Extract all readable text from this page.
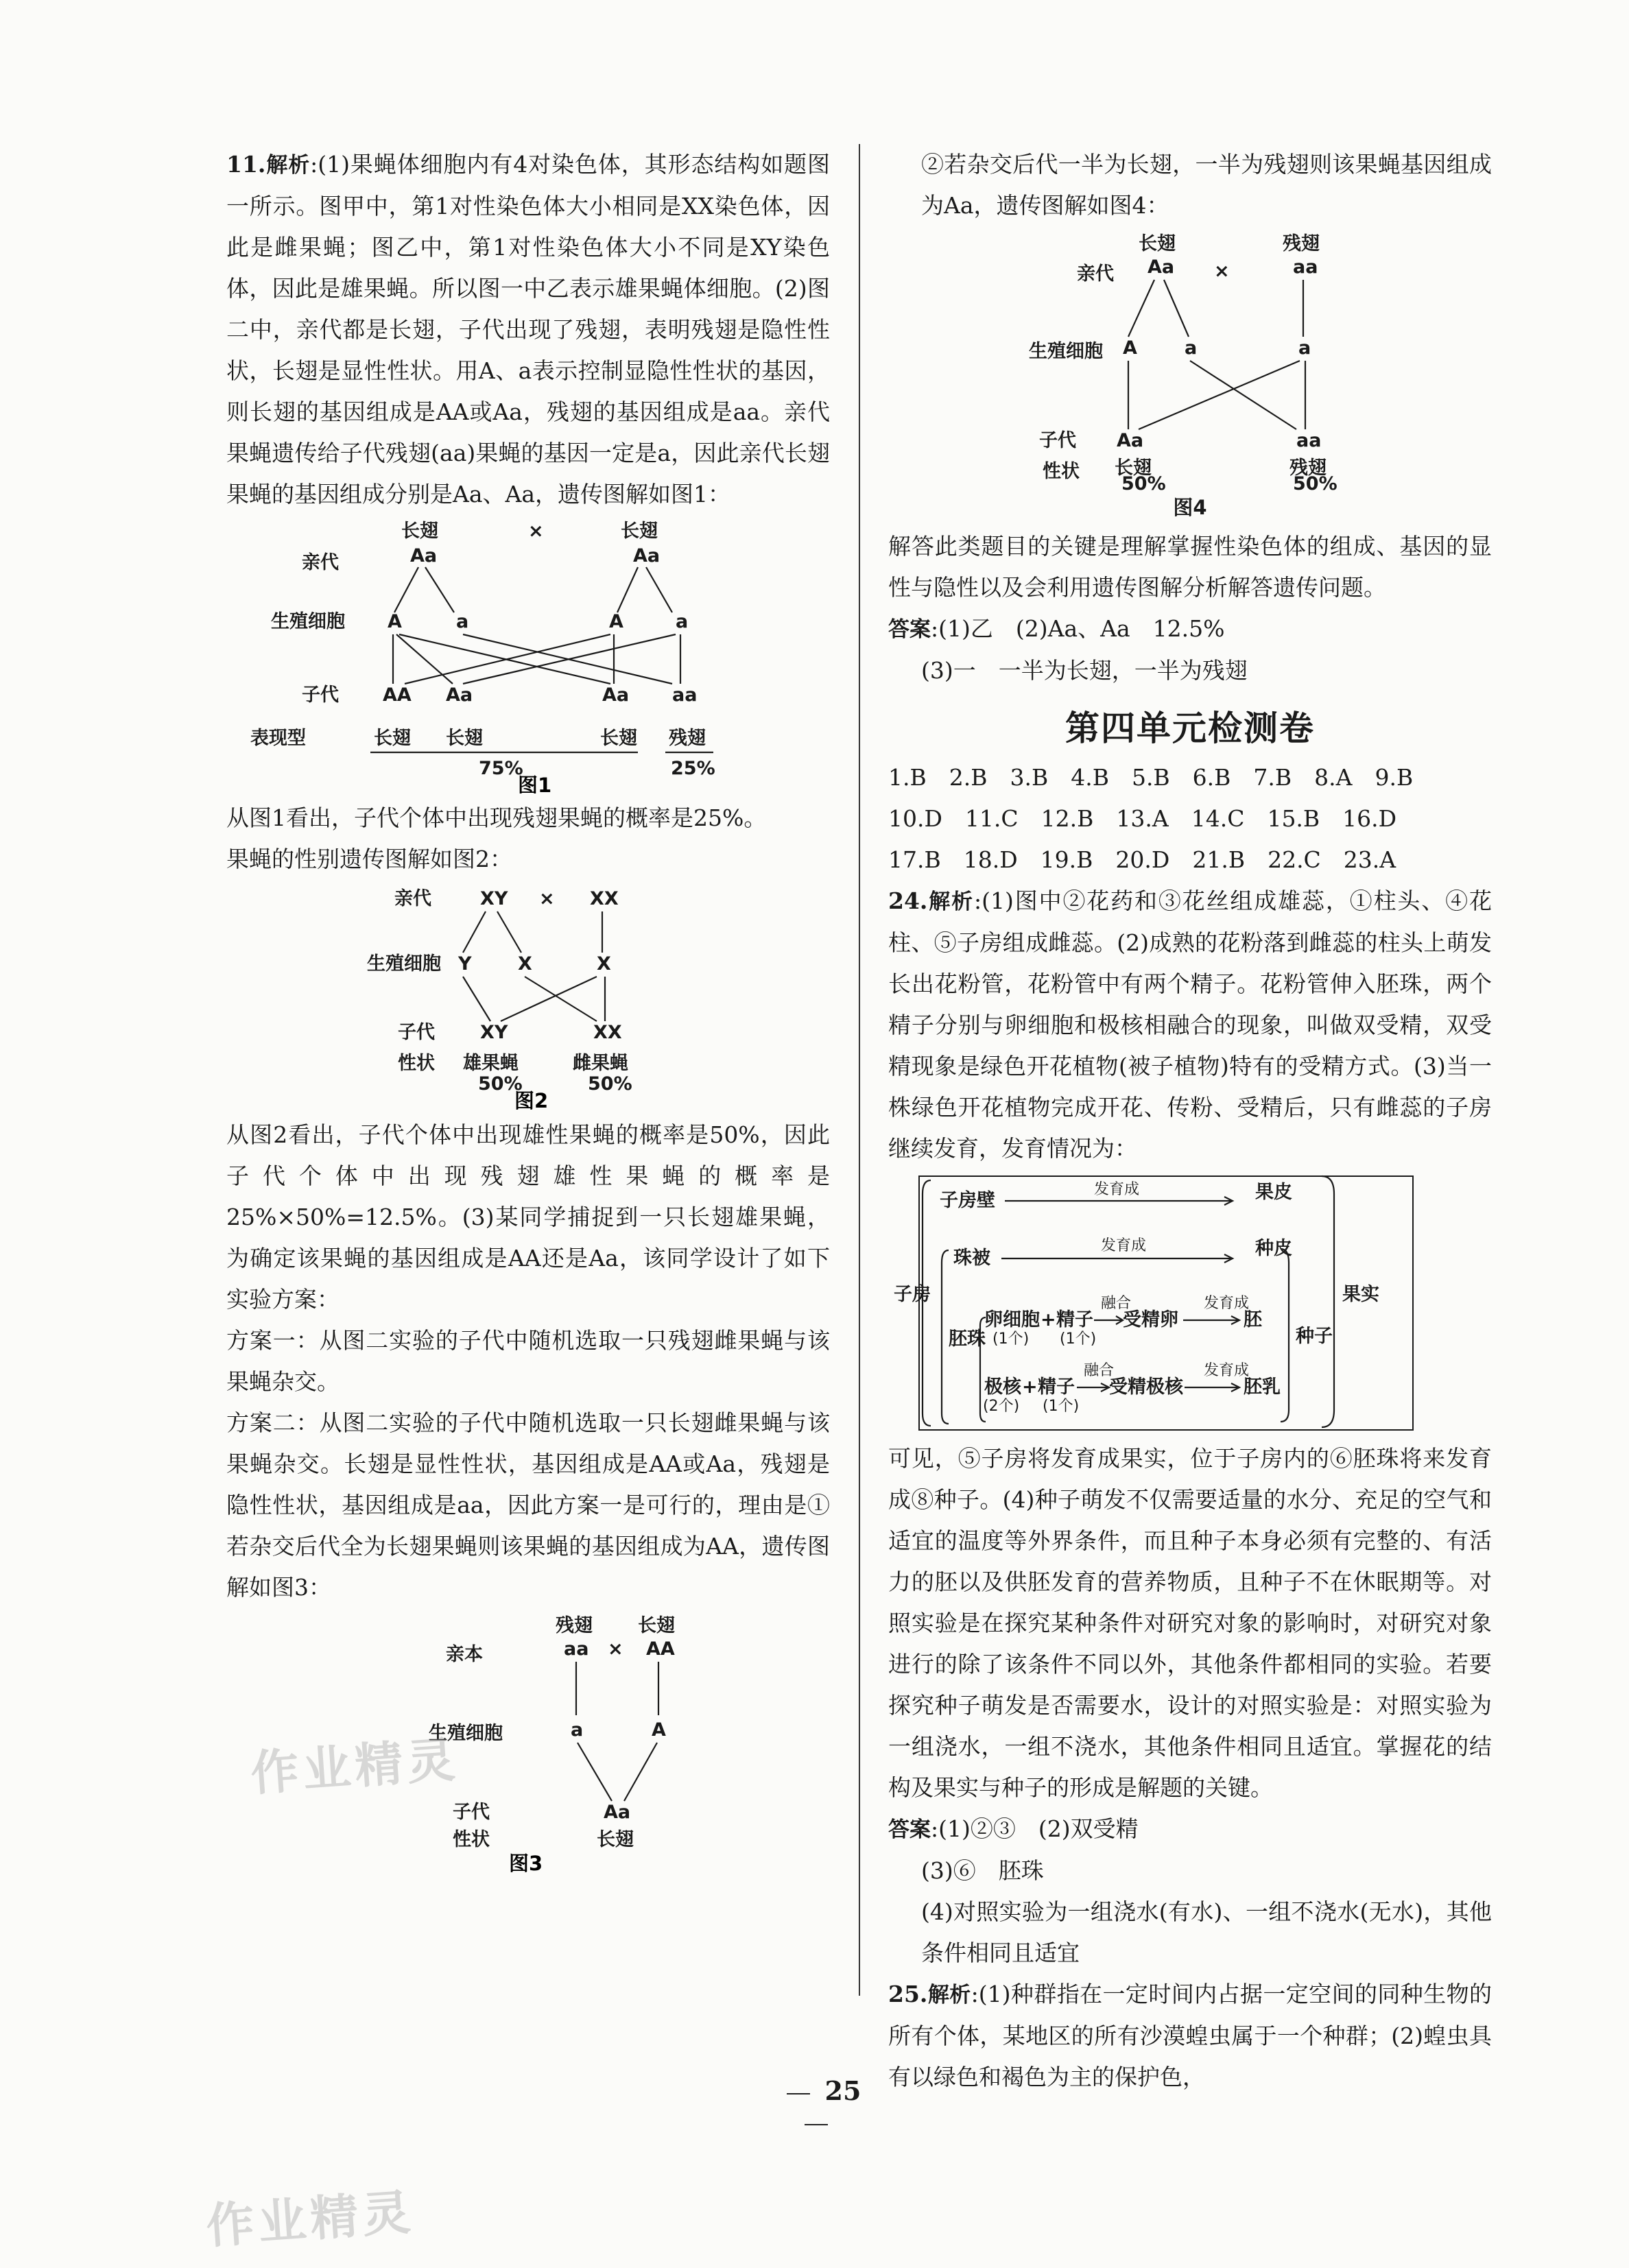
11.解析:(1)果蝇体细胞内有4对染色体，其形态结构如题图一所示。图甲中，第1对性染色体大小相同是XX染色体，因此是雌果蝇；图乙中，第1对性染色体大小不同是XY染色体，因此是雄果蝇。所以图一中乙表示雄果蝇体细胞。(2)图二中，亲代都是长翅，子代出现了残翅，表明残翅是隐性性状，长翅是显性性状。用A、a表示控制显隐性性状的基因，则长翅的基因组成是AA或Aa，残翅的基因组成是aa。亲代果蝇遗传给子代残翅(aa)果蝇的基因一定是a，因此亲代长翅果蝇的基因组成分别是Aa、Aa，遗传图解如图1：

长翅	×	长翅
亲代	Aa	Aa
生殖细胞 A	a	A	a
子代 AA Aa	Aa aa
表现型	长翅 长翅	长翅 残翅
75%	25%
图1

从图1看出，子代个体中出现残翅果蝇的概率是25%。

果蝇的性别遗传图解如图2：

亲代	XY × XX
生殖细胞 Y X	X
子代 XY	XX
性状 雄果蝇	雌果蝇
50%	50%
图2

从图2看出，子代个体中出现雄性果蝇的概率是50%，因此子代个体中出现残翅雄性果蝇的概率是25%×50%=12.5%。(3)某同学捕捉到一只长翅雄果蝇，为确定该果蝇的基因组成是AA还是Aa，该同学设计了如下实验方案：

方案一：从图二实验的子代中随机选取一只残翅雌果蝇与该果蝇杂交。

方案二：从图二实验的子代中随机选取一只长翅雌果蝇与该果蝇杂交。长翅是显性性状，基因组成是AA或Aa，残翅是隐性性状，基因组成是aa，因此方案一是可行的，理由是①若杂交后代全为长翅果蝇则该果蝇的基因组成为AA，遗传图解如图3：

残翅 长翅
亲本	aa × AA
生殖细胞	a	A
子代	Aa
性状	长翅
图3

②若杂交后代一半为长翅，一半为残翅则该果蝇基因组成为Aa，遗传图解如图4：

长翅	残翅
亲代 Aa ×	aa
生殖细胞 A	a	a
子代 Aa	aa
性状 长翅	残翅
50%	50%
图4

解答此类题目的关键是理解掌握性染色体的组成、基因的显性与隐性以及会利用遗传图解分析解答遗传问题。

答案:(1)乙　(2)Aa、Aa　12.5%

(3)一　一半为长翅，一半为残翅

第四单元检测卷

1.B　2.B　3.B　4.B　5.B　6.B　7.B　8.A　9.B

10.D　11.C　12.B　13.A　14.C　15.B　16.D

17.B　18.D　19.B　20.D　21.B　22.C　23.A

24.解析:(1)图中②花药和③花丝组成雄蕊，①柱头、④花柱、⑤子房组成雌蕊。(2)成熟的花粉落到雌蕊的柱头上萌发长出花粉管，花粉管中有两个精子。花粉管伸入胚珠，两个精子分别与卵细胞和极核相融合的现象，叫做双受精，双受精现象是绿色开花植物(被子植物)特有的受精方式。(3)当一株绿色开花植物完成开花、传粉、受精后，只有雌蕊的子房继续发育，发育情况为：

子房
子房壁
发育成	果皮
珠被
发育成	种皮
胚珠
卵细胞
(1个)
+ 精子
(1个)
融合
受精卵
发育成
胚
极核
(2个)
+ 精子
(1个)
融合
受精极核
发育成
胚乳
种子
果实

可见，⑤子房将发育成果实，位于子房内的⑥胚珠将来发育成⑧种子。(4)种子萌发不仅需要适量的水分、充足的空气和适宜的温度等外界条件，而且种子本身必须有完整的、有活力的胚以及供胚发育的营养物质，且种子不在休眠期等。对照实验是在探究某种条件对研究对象的影响时，对研究对象进行的除了该条件不同以外，其他条件都相同的实验。若要探究种子萌发是否需要水，设计的对照实验是：对照实验为一组浇水，一组不浇水，其他条件相同且适宜。掌握花的结构及果实与种子的形成是解题的关键。

答案:(1)②③　(2)双受精

(3)⑥　胚珠

(4)对照实验为一组浇水(有水)、一组不浇水(无水)，其他条件相同且适宜

25.解析:(1)种群指在一定时间内占据一定空间的同种生物的所有个体，某地区的所有沙漠蝗虫属于一个种群；(2)蝗虫具有以绿色和褐色为主的保护色，

25
作业精灵
作业精灵
